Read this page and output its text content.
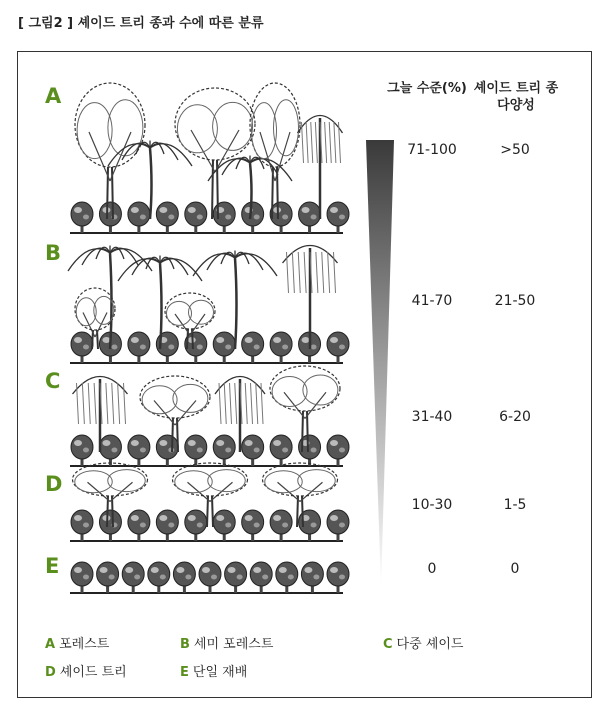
[ 그림2 ] 셰이드 트리 종과 수에 따른 분류
A
B
C
D
E
그늘 수준(%) 셰이드 트리 종
다양성
71-100	>50
41-70	21-50
31-40	6-20
10-30	1-5
0	0
A 포레스트	B 세미 포레스트	C 다중 셰이드
D 셰이드 트리	E 단일 재배
